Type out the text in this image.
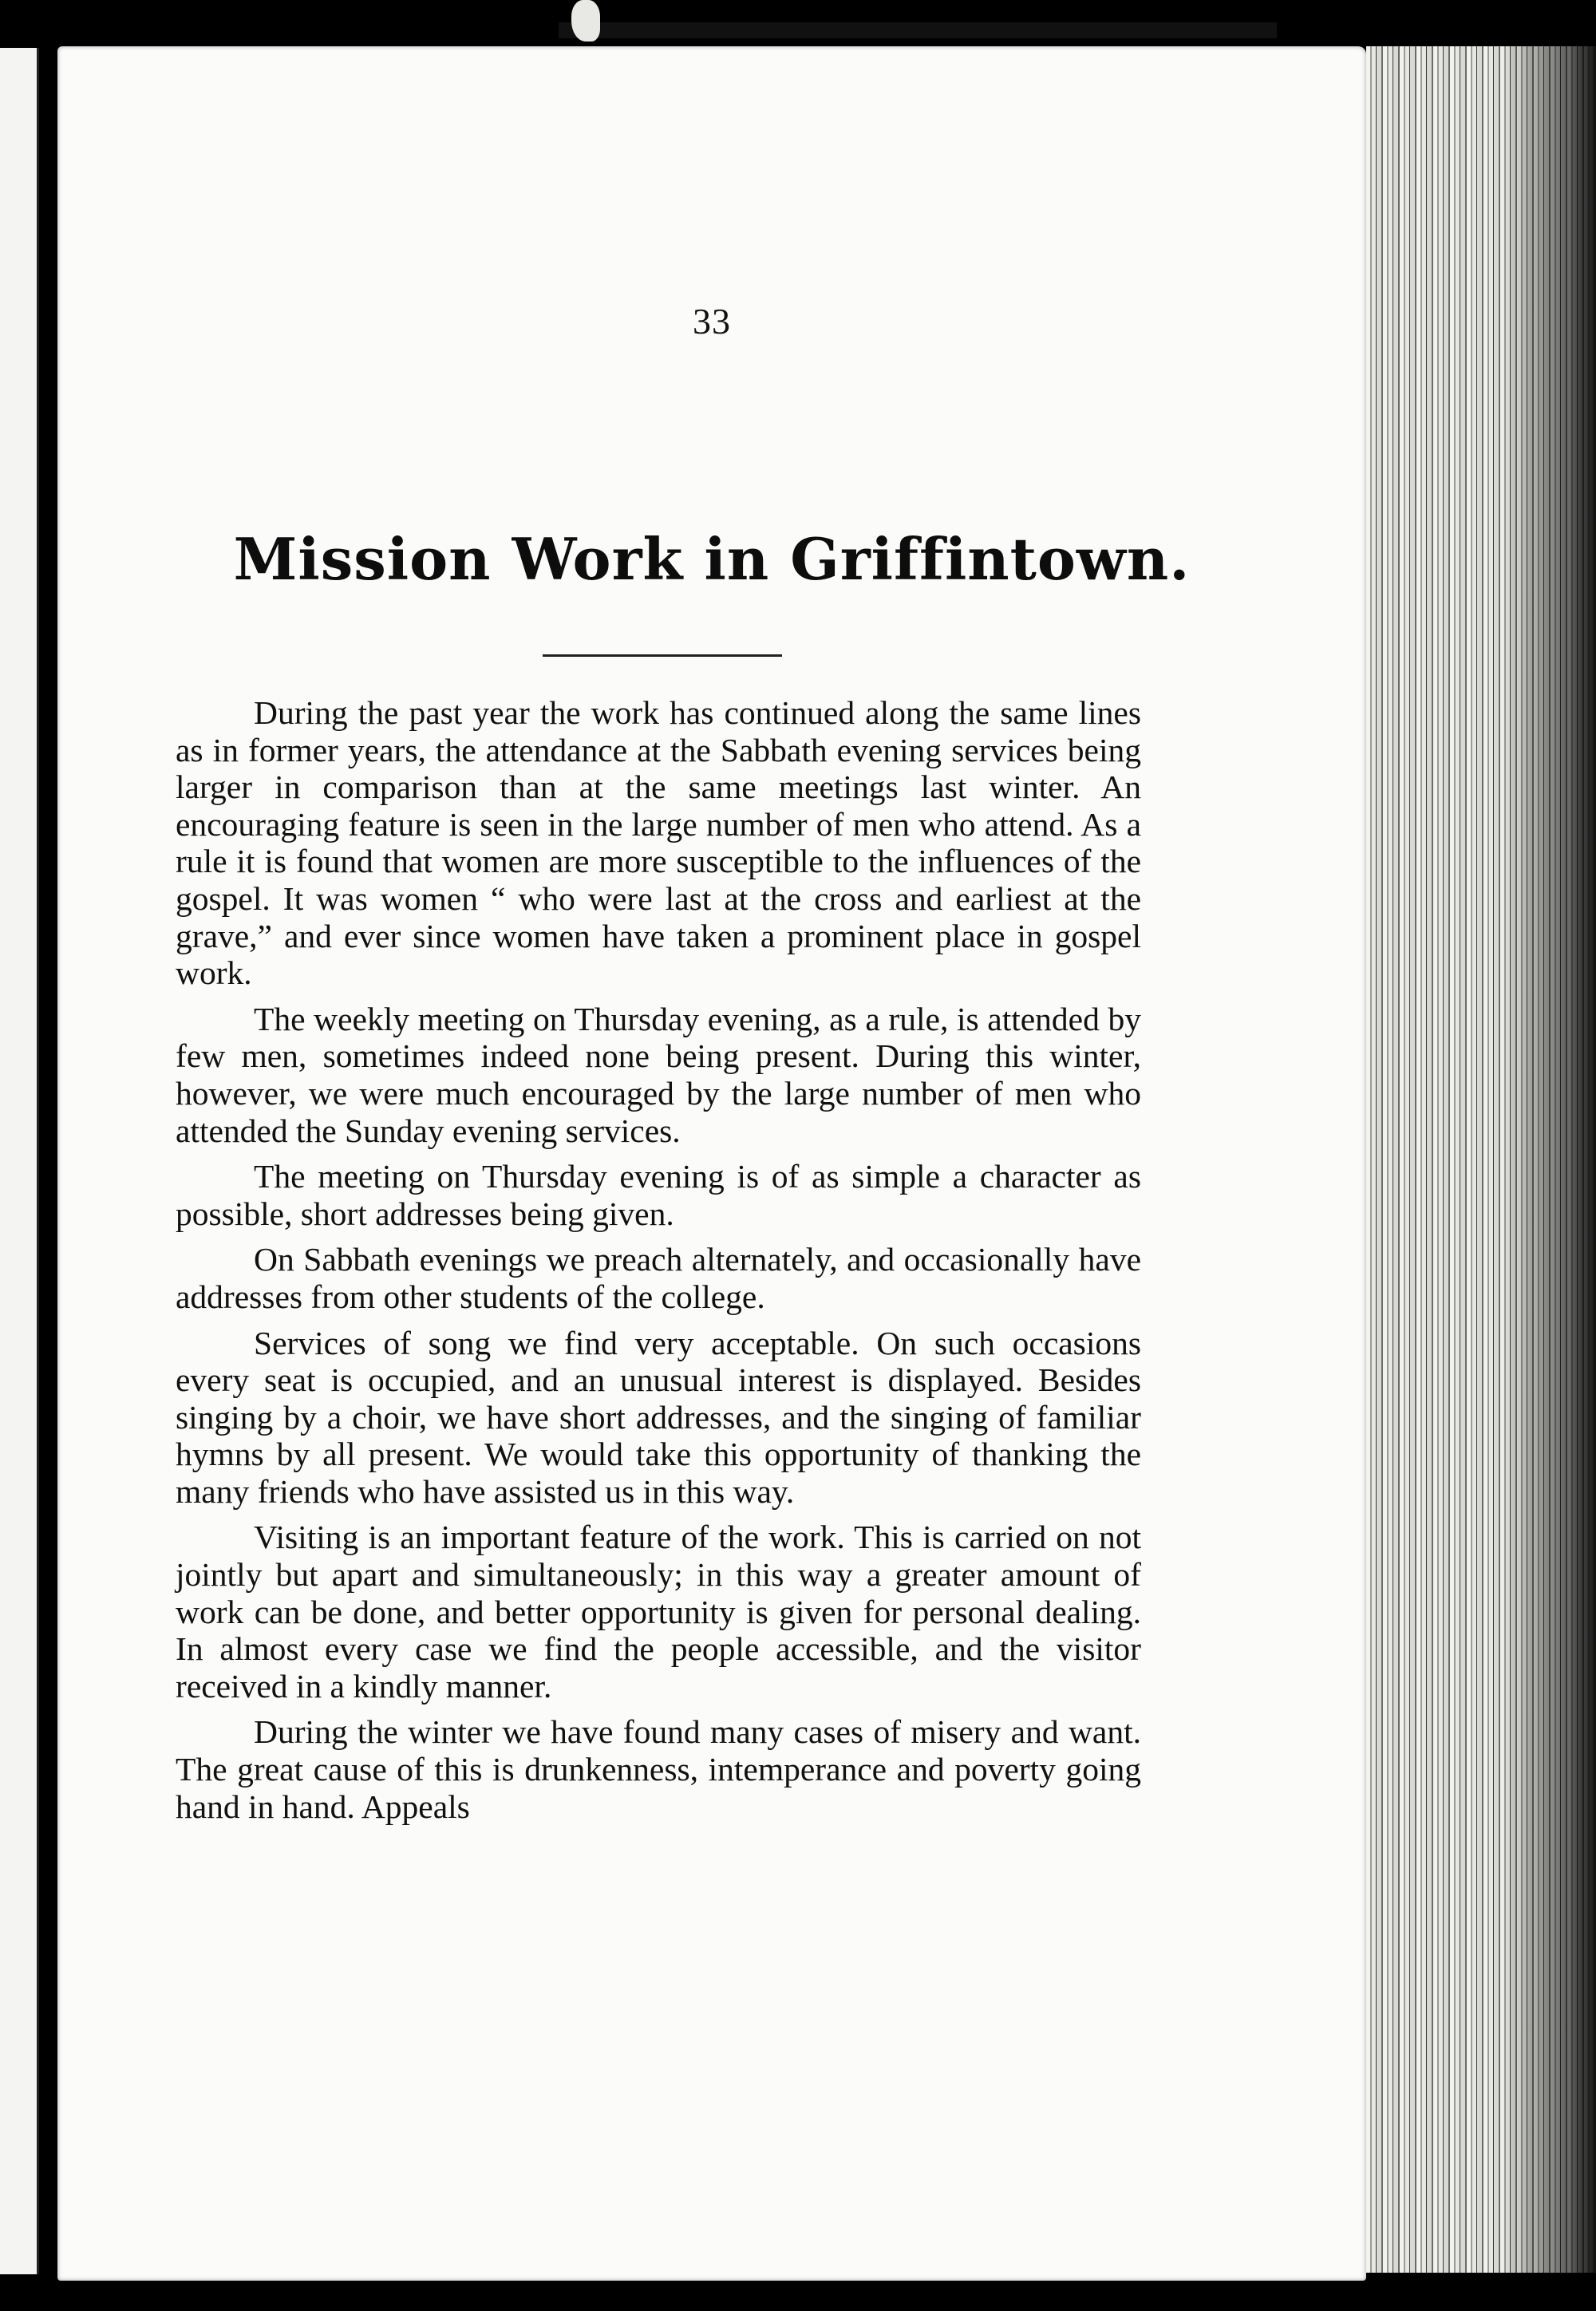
33
Mission Work in Griffintown.

During the past year the work has continued along the same lines as in former years, the attendance at the Sabbath evening services being larger in comparison than at the same meetings last winter. An encouraging feature is seen in the large number of men who attend. As a rule it is found that women are more susceptible to the influences of the gospel. It was women “ who were last at the cross and earliest at the grave,” and ever since women have taken a prominent place in gospel work.

The weekly meeting on Thursday evening, as a rule, is attended by few men, sometimes indeed none being present. During this winter, however, we were much encouraged by the large number of men who attended the Sunday evening services.

The meeting on Thursday evening is of as simple a character as possible, short addresses being given.

On Sabbath evenings we preach alternately, and occasionally have addresses from other students of the college.

Services of song we find very acceptable. On such occasions every seat is occupied, and an unusual interest is displayed. Besides singing by a choir, we have short addresses, and the singing of familiar hymns by all present. We would take this opportunity of thanking the many friends who have assisted us in this way.

Visiting is an important feature of the work. This is carried on not jointly but apart and simultaneously; in this way a greater amount of work can be done, and better opportunity is given for personal dealing. In almost every case we find the people accessible, and the visitor received in a kindly manner.

During the winter we have found many cases of misery and want. The great cause of this is drunkenness, intemperance and poverty going hand in hand. Appeals
